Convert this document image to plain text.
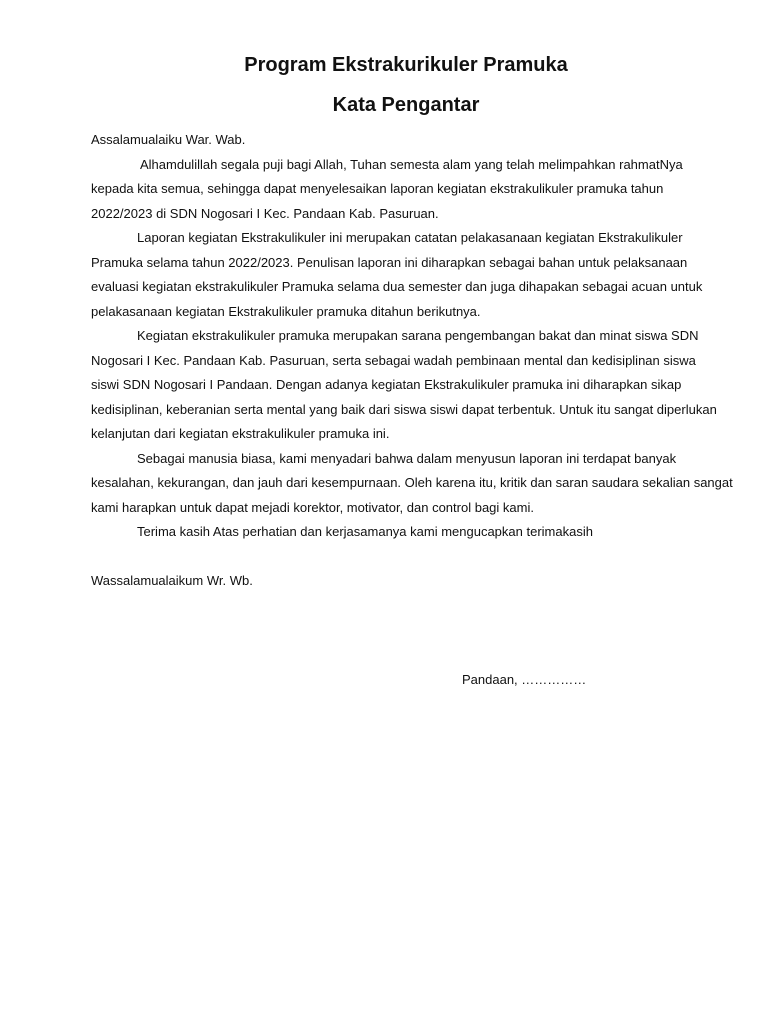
Program Ekstrakurikuler Pramuka
Kata Pengantar
Assalamualaiku War. Wab.

Alhamdulillah segala puji bagi Allah, Tuhan semesta alam yang telah melimpahkan rahmatNya
kepada kita semua, sehingga dapat menyelesaikan laporan kegiatan ekstrakulikuler pramuka tahun
2022/2023 di SDN Nogosari I Kec. Pandaan Kab. Pasuruan.

Laporan kegiatan Ekstrakulikuler ini merupakan catatan pelakasanaan kegiatan Ekstrakulikuler
Pramuka selama tahun 2022/2023. Penulisan laporan ini diharapkan sebagai bahan untuk pelaksanaan
evaluasi kegiatan ekstrakulikuler Pramuka selama dua semester dan juga dihapakan sebagai acuan untuk
pelakasanaan kegiatan Ekstrakulikuler pramuka ditahun berikutnya.

Kegiatan ekstrakulikuler pramuka merupakan sarana pengembangan bakat dan minat siswa SDN
Nogosari I Kec. Pandaan Kab. Pasuruan, serta sebagai wadah pembinaan mental dan kedisiplinan siswa
siswi SDN Nogosari I Pandaan. Dengan adanya kegiatan Ekstrakulikuler pramuka ini diharapkan sikap
kedisiplinan, keberanian serta mental yang baik dari siswa siswi dapat terbentuk. Untuk itu sangat diperlukan
kelanjutan dari kegiatan ekstrakulikuler pramuka ini.

Sebagai manusia biasa, kami menyadari bahwa dalam menyusun laporan ini terdapat banyak
kesalahan, kekurangan, dan jauh dari kesempurnaan. Oleh karena itu, kritik dan saran saudara sekalian sangat
kami harapkan untuk dapat mejadi korektor, motivator, dan control bagi kami.

Terima kasih Atas perhatian dan kerjasamanya kami mengucapkan terimakasih

Wassalamualaikum Wr. Wb.
Pandaan, ……………
